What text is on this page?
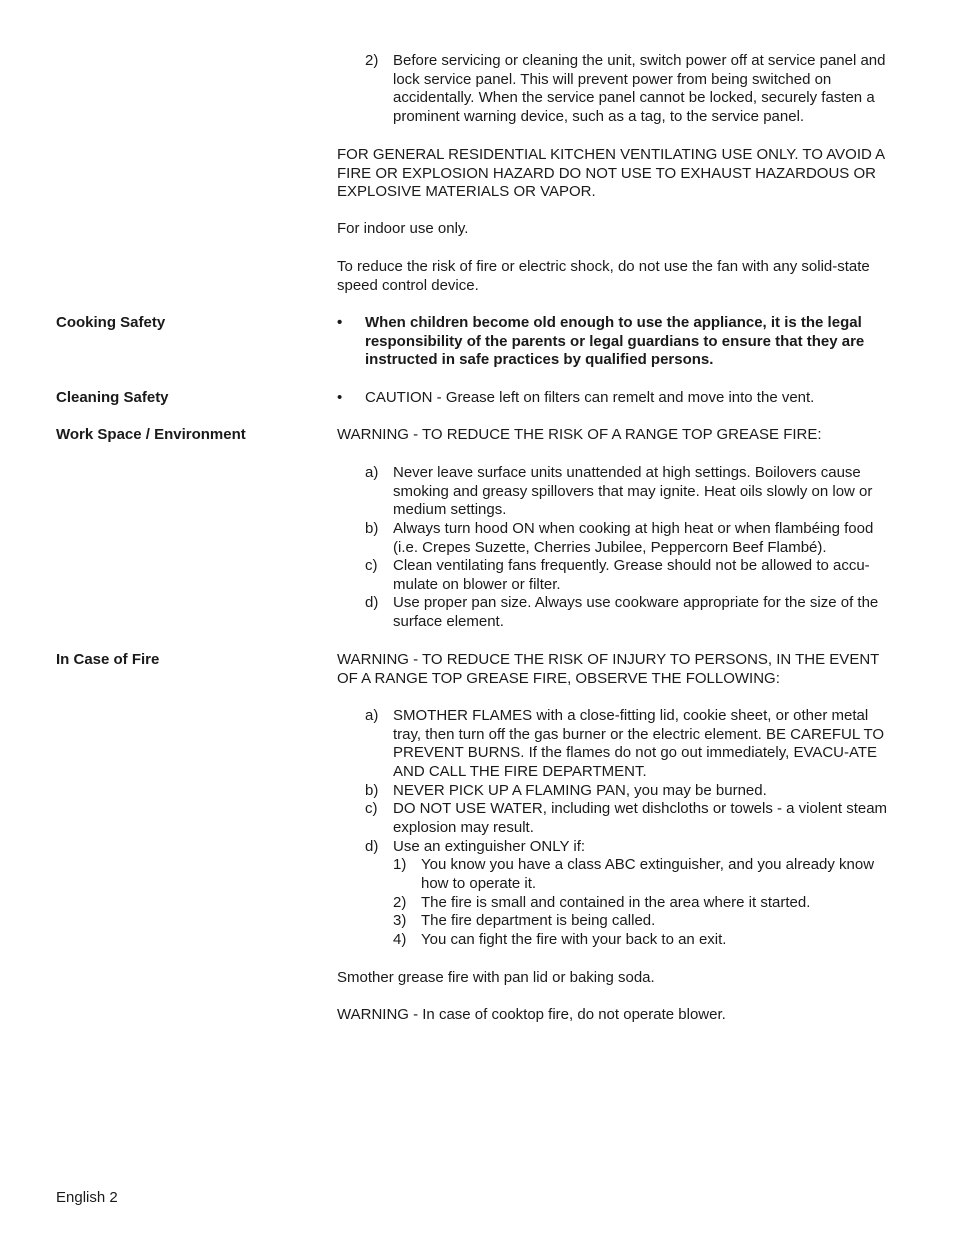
2) Before servicing or cleaning the unit, switch power off at service panel and lock service panel. This will prevent power from being switched on accidentally. When the service panel cannot be locked, securely fasten a prominent warning device, such as a tag, to the service panel.
FOR GENERAL RESIDENTIAL KITCHEN VENTILATING USE ONLY. TO AVOID A FIRE OR EXPLOSION HAZARD DO NOT USE TO EXHAUST HAZARDOUS OR EXPLOSIVE MATERIALS OR VAPOR.
For indoor use only.
To reduce the risk of fire or electric shock, do not use the fan with any solid-state speed control device.
Cooking Safety	• When children become old enough to use the appliance, it is the legal responsibility of the parents or legal guardians to ensure that they are instructed in safe practices by qualified persons.
Cleaning Safety	• CAUTION - Grease left on filters can remelt and move into the vent.
Work Space / Environment	WARNING - TO REDUCE THE RISK OF A RANGE TOP GREASE FIRE:
a) Never leave surface units unattended at high settings. Boilovers cause smoking and greasy spillovers that may ignite. Heat oils slowly on low or medium settings.
b) Always turn hood ON when cooking at high heat or when flambéing food (i.e. Crepes Suzette, Cherries Jubilee, Peppercorn Beef Flambé).
c) Clean ventilating fans frequently. Grease should not be allowed to accu-mulate on blower or filter.
d) Use proper pan size. Always use cookware appropriate for the size of the surface element.
In Case of Fire	WARNING - TO REDUCE THE RISK OF INJURY TO PERSONS, IN THE EVENT OF A RANGE TOP GREASE FIRE, OBSERVE THE FOLLOWING:
a) SMOTHER FLAMES with a close-fitting lid, cookie sheet, or other metal tray, then turn off the gas burner or the electric element. BE CAREFUL TO PREVENT BURNS. If the flames do not go out immediately, EVACU-ATE AND CALL THE FIRE DEPARTMENT.
b) NEVER PICK UP A FLAMING PAN, you may be burned.
c) DO NOT USE WATER, including wet dishcloths or towels - a violent steam explosion may result.
d) Use an extinguisher ONLY if:
1) You know you have a class ABC extinguisher, and you already know how to operate it.
2) The fire is small and contained in the area where it started.
3) The fire department is being called.
4) You can fight the fire with your back to an exit.
Smother grease fire with pan lid or baking soda.
WARNING - In case of cooktop fire, do not operate blower.
English 2
